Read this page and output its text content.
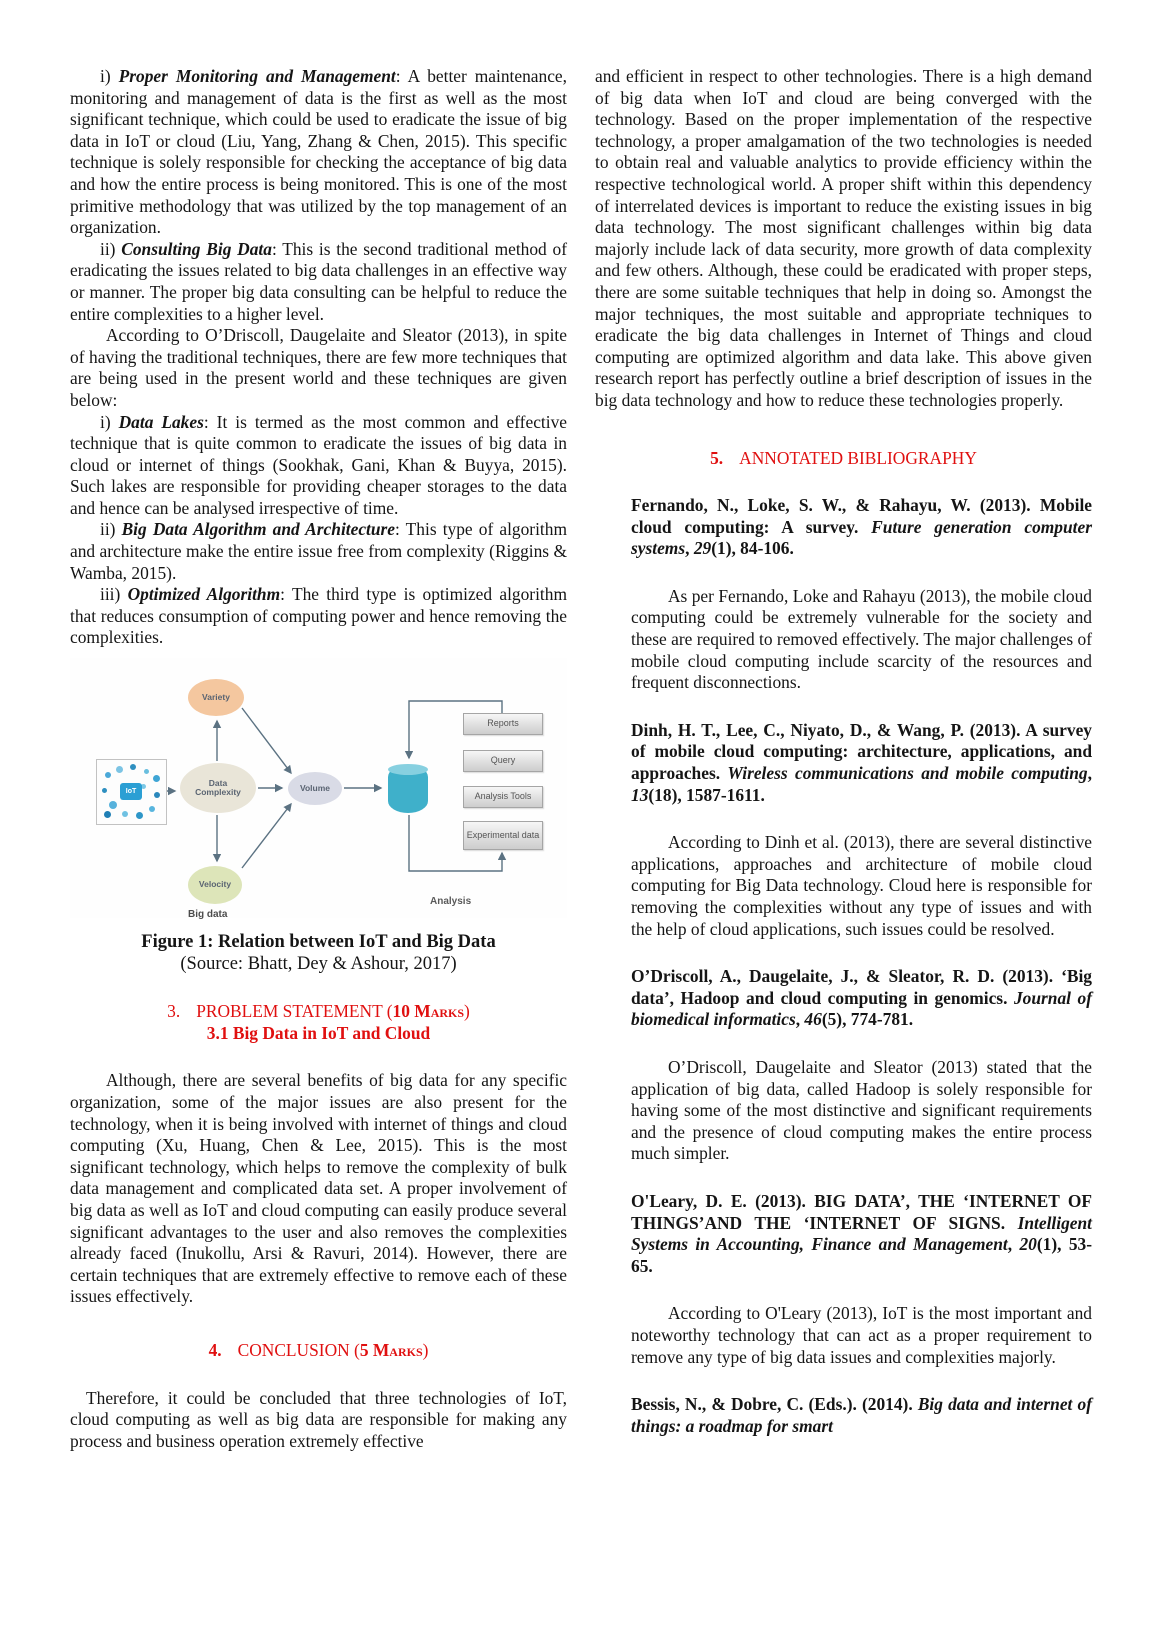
i) Proper Monitoring and Management: A better maintenance, monitoring and management of data is the first as well as the most significant technique, which could be used to eradicate the issue of big data in IoT or cloud (Liu, Yang, Zhang & Chen, 2015). This specific technique is solely responsible for checking the acceptance of big data and how the entire process is being monitored. This is one of the most primitive methodology that was utilized by the top management of an organization.

ii) Consulting Big Data: This is the second traditional method of eradicating the issues related to big data challenges in an effective way or manner. The proper big data consulting can be helpful to reduce the entire complexities to a higher level.

According to O’Driscoll, Daugelaite and Sleator (2013), in spite of having the traditional techniques, there are few more techniques that are being used in the present world and these techniques are given below:

i) Data Lakes: It is termed as the most common and effective technique that is quite common to eradicate the issues of big data in cloud or internet of things (Sookhak, Gani, Khan & Buyya, 2015). Such lakes are responsible for providing cheaper storages to the data and hence can be analysed irrespective of time.

ii) Big Data Algorithm and Architecture: This type of algorithm and architecture make the entire issue free from complexity (Riggins & Wamba, 2015).

iii) Optimized Algorithm: The third type is optimized algorithm that reduces consumption of computing power and hence removing the complexities.

IoT
Variety
Data Complexity
Velocity
Volume
Reports
Query
Analysis Tools
Experimental data
Big data
Analysis

Figure 1: Relation between IoT and Big Data

(Source: Bhatt, Dey & Ashour, 2017)

3. PROBLEM STATEMENT (10 Marks)

3.1 Big Data in IoT and Cloud

Although, there are several benefits of big data for any specific organization, some of the major issues are also present for the technology, when it is being involved with internet of things and cloud computing (Xu, Huang, Chen & Lee, 2015). This is the most significant technology, which helps to remove the complexity of bulk data management and complicated data set. A proper involvement of big data as well as IoT and cloud computing can easily produce several significant advantages to the user and also removes the complexities already faced (Inukollu, Arsi & Ravuri, 2014). However, there are certain techniques that are extremely effective to remove each of these issues effectively.

4. CONCLUSION (5 Marks)

Therefore, it could be concluded that three technologies of IoT, cloud computing as well as big data are responsible for making any process and business operation extremely effective

and efficient in respect to other technologies. There is a high demand of big data when IoT and cloud are being converged with the technology. Based on the proper implementation of the respective technology, a proper amalgamation of the two technologies is needed to obtain real and valuable analytics to provide efficiency within the respective technological world. A proper shift within this dependency of interrelated devices is important to reduce the existing issues in big data technology. The most significant challenges within big data majorly include lack of data security, more growth of data complexity and few others. Although, these could be eradicated with proper steps, there are some suitable techniques that help in doing so. Amongst the major techniques, the most suitable and appropriate techniques to eradicate the big data challenges in Internet of Things and cloud computing are optimized algorithm and data lake. This above given research report has perfectly outline a brief description of issues in the big data technology and how to reduce these technologies properly.

5. ANNOTATED BIBLIOGRAPHY

Fernando, N., Loke, S. W., & Rahayu, W. (2013). Mobile cloud computing: A survey. Future generation computer systems, 29(1), 84-106.

As per Fernando, Loke and Rahayu (2013), the mobile cloud computing could be extremely vulnerable for the society and these are required to removed effectively. The major challenges of mobile cloud computing include scarcity of the resources and frequent disconnections.

Dinh, H. T., Lee, C., Niyato, D., & Wang, P. (2013). A survey of mobile cloud computing: architecture, applications, and approaches. Wireless communications and mobile computing, 13(18), 1587-1611.

According to Dinh et al. (2013), there are several distinctive applications, approaches and architecture of mobile cloud computing for Big Data technology. Cloud here is responsible for removing the complexities without any type of issues and with the help of cloud applications, such issues could be resolved.

O’Driscoll, A., Daugelaite, J., & Sleator, R. D. (2013). ‘Big data’, Hadoop and cloud computing in genomics. Journal of biomedical informatics, 46(5), 774-781.

O’Driscoll, Daugelaite and Sleator (2013) stated that the application of big data, called Hadoop is solely responsible for having some of the most distinctive and significant requirements and the presence of cloud computing makes the entire process much simpler.

O'Leary, D. E. (2013). BIG DATA’, THE ‘INTERNET OF THINGS’AND THE ‘INTERNET OF SIGNS. Intelligent Systems in Accounting, Finance and Management, 20(1), 53-65.

According to O'Leary (2013), IoT is the most important and noteworthy technology that can act as a proper requirement to remove any type of big data issues and complexities majorly.

Bessis, N., & Dobre, C. (Eds.). (2014). Big data and internet of things: a roadmap for smart
